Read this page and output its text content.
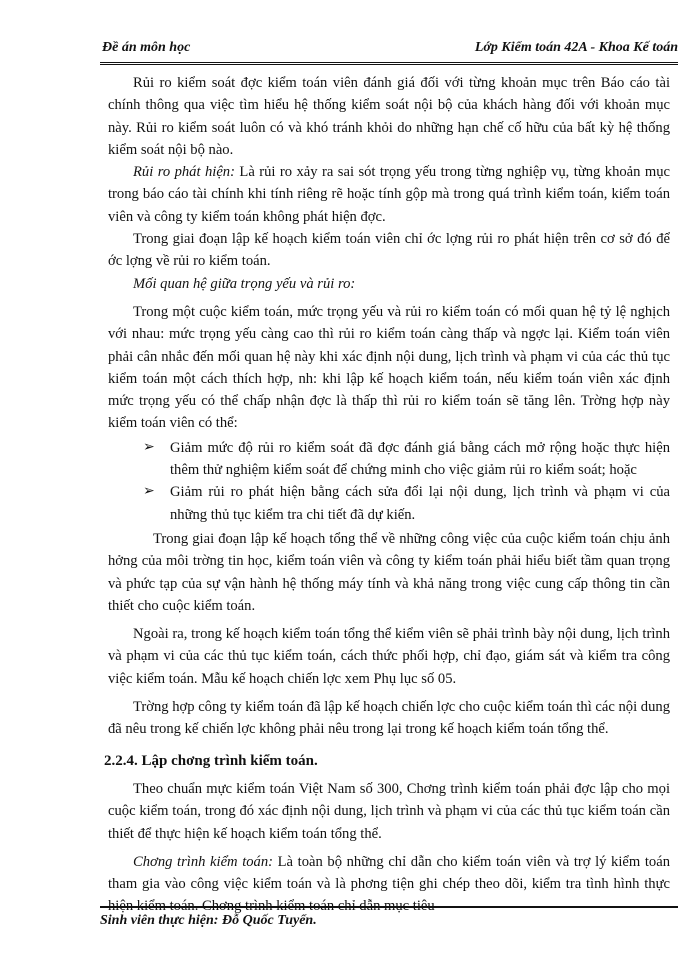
Đề án môn học	Lớp Kiểm toán 42A - Khoa Kế toán

Rủi ro kiểm soát đợc kiểm toán viên đánh giá đối với từng khoản mục trên Báo cáo tài chính thông qua việc tìm hiểu hệ thống kiểm soát nội bộ của khách hàng đối với khoản mục này. Rủi ro kiểm soát luôn có và khó tránh khỏi do những hạn chế cố hữu của bất kỳ hệ thống kiểm soát nội bộ nào.

Rủi ro phát hiện: Là rủi ro xảy ra sai sót trọng yếu trong từng nghiệp vụ, từng khoản mục trong báo cáo tài chính khi tính riêng rẽ hoặc tính gộp mà trong quá trình kiểm toán, kiểm toán viên và công ty kiểm toán không phát hiện đợc.

Trong giai đoạn lập kế hoạch kiểm toán viên chỉ ớc lợng rủi ro phát hiện trên cơ sở đó để ớc lợng về rủi ro kiểm toán.

Mối quan hệ giữa trọng yếu và rủi ro:

Trong một cuộc kiểm toán, mức trọng yếu và rủi ro kiểm toán có mối quan hệ tỷ lệ nghịch với nhau: mức trọng yếu càng cao thì rủi ro kiểm toán càng thấp và ngợc lại. Kiểm toán viên phải cân nhắc đến mối quan hệ này khi xác định nội dung, lịch trình và phạm vi của các thủ tục kiểm toán một cách thích hợp, nh: khi lập kế hoạch kiểm toán, nếu kiểm toán viên xác định mức trọng yếu có thể chấp nhận đợc là thấp thì rủi ro kiểm toán sẽ tăng lên. Trờng hợp này kiểm toán viên có thể:

➢ Giảm mức độ rủi ro kiểm soát đã đợc đánh giá bằng cách mở rộng hoặc thực hiện thêm thử nghiệm kiểm soát để chứng minh cho việc giảm rủi ro kiểm soát; hoặc
➢ Giảm rủi ro phát hiện bằng cách sửa đổi lại nội dung, lịch trình và phạm vi của những thủ tục kiểm tra chi tiết đã dự kiến.

Trong giai đoạn lập kế hoạch tổng thể về những công việc của cuộc kiểm toán chịu ảnh hởng của môi trờng tin học, kiểm toán viên và công ty kiểm toán phải hiểu biết tầm quan trọng và phức tạp của sự vận hành hệ thống máy tính và khả năng trong việc cung cấp thông tin cần thiết cho cuộc kiểm toán.

Ngoài ra, trong kế hoạch kiểm toán tổng thể kiểm viên sẽ phải trình bày nội dung, lịch trình và phạm vi của các thủ tục kiểm toán, cách thức phối hợp, chỉ đạo, giám sát và kiểm tra công việc kiểm toán. Mẫu kế hoạch chiến lợc xem Phụ lục số 05.

Trờng hợp công ty kiểm toán đã lập kế hoạch chiến lợc cho cuộc kiểm toán thì các nội dung đã nêu trong kế chiến lợc không phải nêu trong lại trong kế hoạch kiểm toán tổng thể.

2.2.4. Lập chơng trình kiểm toán.

Theo chuẩn mực kiểm toán Việt Nam số 300, Chơng trình kiểm toán phải đợc lập cho mọi cuộc kiểm toán, trong đó xác định nội dung, lịch trình và phạm vi của các thủ tục kiểm toán cần thiết để thực hiện kế hoạch kiểm toán tổng thể.

Chơng trình kiểm toán: Là toàn bộ những chỉ dẫn cho kiểm toán viên và trợ lý kiểm toán tham gia vào công việc kiểm toán và là phơng tiện ghi chép theo dõi, kiểm tra tình hình thực hiện kiểm toán. Chơng trình kiểm toán chỉ dẫn mục tiêu

Sinh viên thực hiện: Đỗ Quốc Tuyển.
